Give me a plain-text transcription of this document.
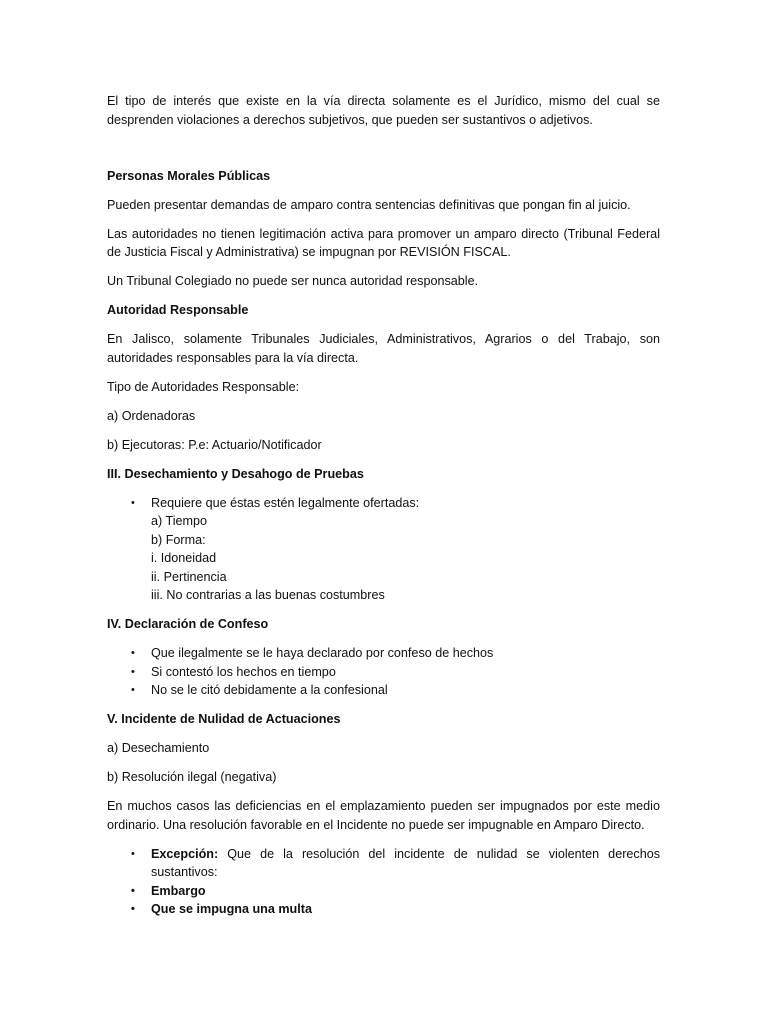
El tipo de interés que existe en la vía directa solamente es el Jurídico, mismo del cual se desprenden violaciones a derechos subjetivos, que pueden ser sustantivos o adjetivos.

Personas Morales Públicas

Pueden presentar demandas de amparo contra sentencias definitivas que pongan fin al juicio.

Las autoridades no tienen legitimación activa para promover un amparo directo (Tribunal Federal de Justicia Fiscal y Administrativa) se impugnan por REVISIÓN FISCAL.

Un Tribunal Colegiado no puede ser nunca autoridad responsable.

Autoridad Responsable

En Jalisco, solamente Tribunales Judiciales, Administrativos, Agrarios o del Trabajo, son autoridades responsables para la vía directa.

Tipo de Autoridades Responsable:

a) Ordenadoras

b) Ejecutoras: P.e: Actuario/Notificador

III. Desechamiento y Desahogo de Pruebas

• Requiere que éstas estén legalmente ofertadas:
a) Tiempo
b) Forma:
i. Idoneidad
ii. Pertinencia
iii. No contrarias a las buenas costumbres

IV. Declaración de Confeso

• Que ilegalmente se le haya declarado por confeso de hechos
• Si contestó los hechos en tiempo
• No se le citó debidamente a la confesional

V. Incidente de Nulidad de Actuaciones

a) Desechamiento

b) Resolución ilegal (negativa)

En muchos casos las deficiencias en el emplazamiento pueden ser impugnados por este medio ordinario. Una resolución favorable en el Incidente no puede ser impugnable en Amparo Directo.

• Excepción: Que de la resolución del incidente de nulidad se violenten derechos sustantivos:
• Embargo
• Que se impugna una multa
